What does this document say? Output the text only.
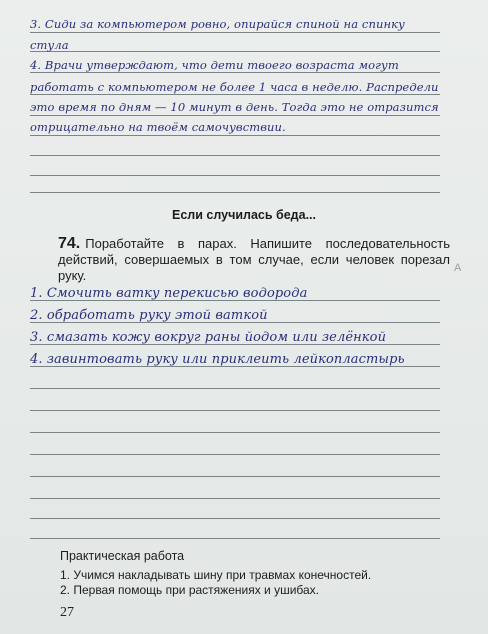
3. Сиди за компьютером ровно, опирайся спиной на спинку
стула
4. Врачи утверждают, что дети твоего возраста могут
работать с компьютером не более 1 часа в неделю. Распредели
это время по дням — 10 минут в день. Тогда это не отразится
отрицательно на твоём самочувствии.
Если случилась беда...
74. Поработайте в парах. Напишите последовательность действий, совершаемых в том случае, если человек порезал руку.	A
1. Смочить ватку перекисью водорода
2. обработать руку этой ваткой
3. смазать кожу вокруг раны йодом или зелёнкой
4. завинтовать руку или приклеить лейкопластырь
Практическая работа
1. Учимся накладывать шину при травмах конечностей.
2. Первая помощь при растяжениях и ушибах.
27
